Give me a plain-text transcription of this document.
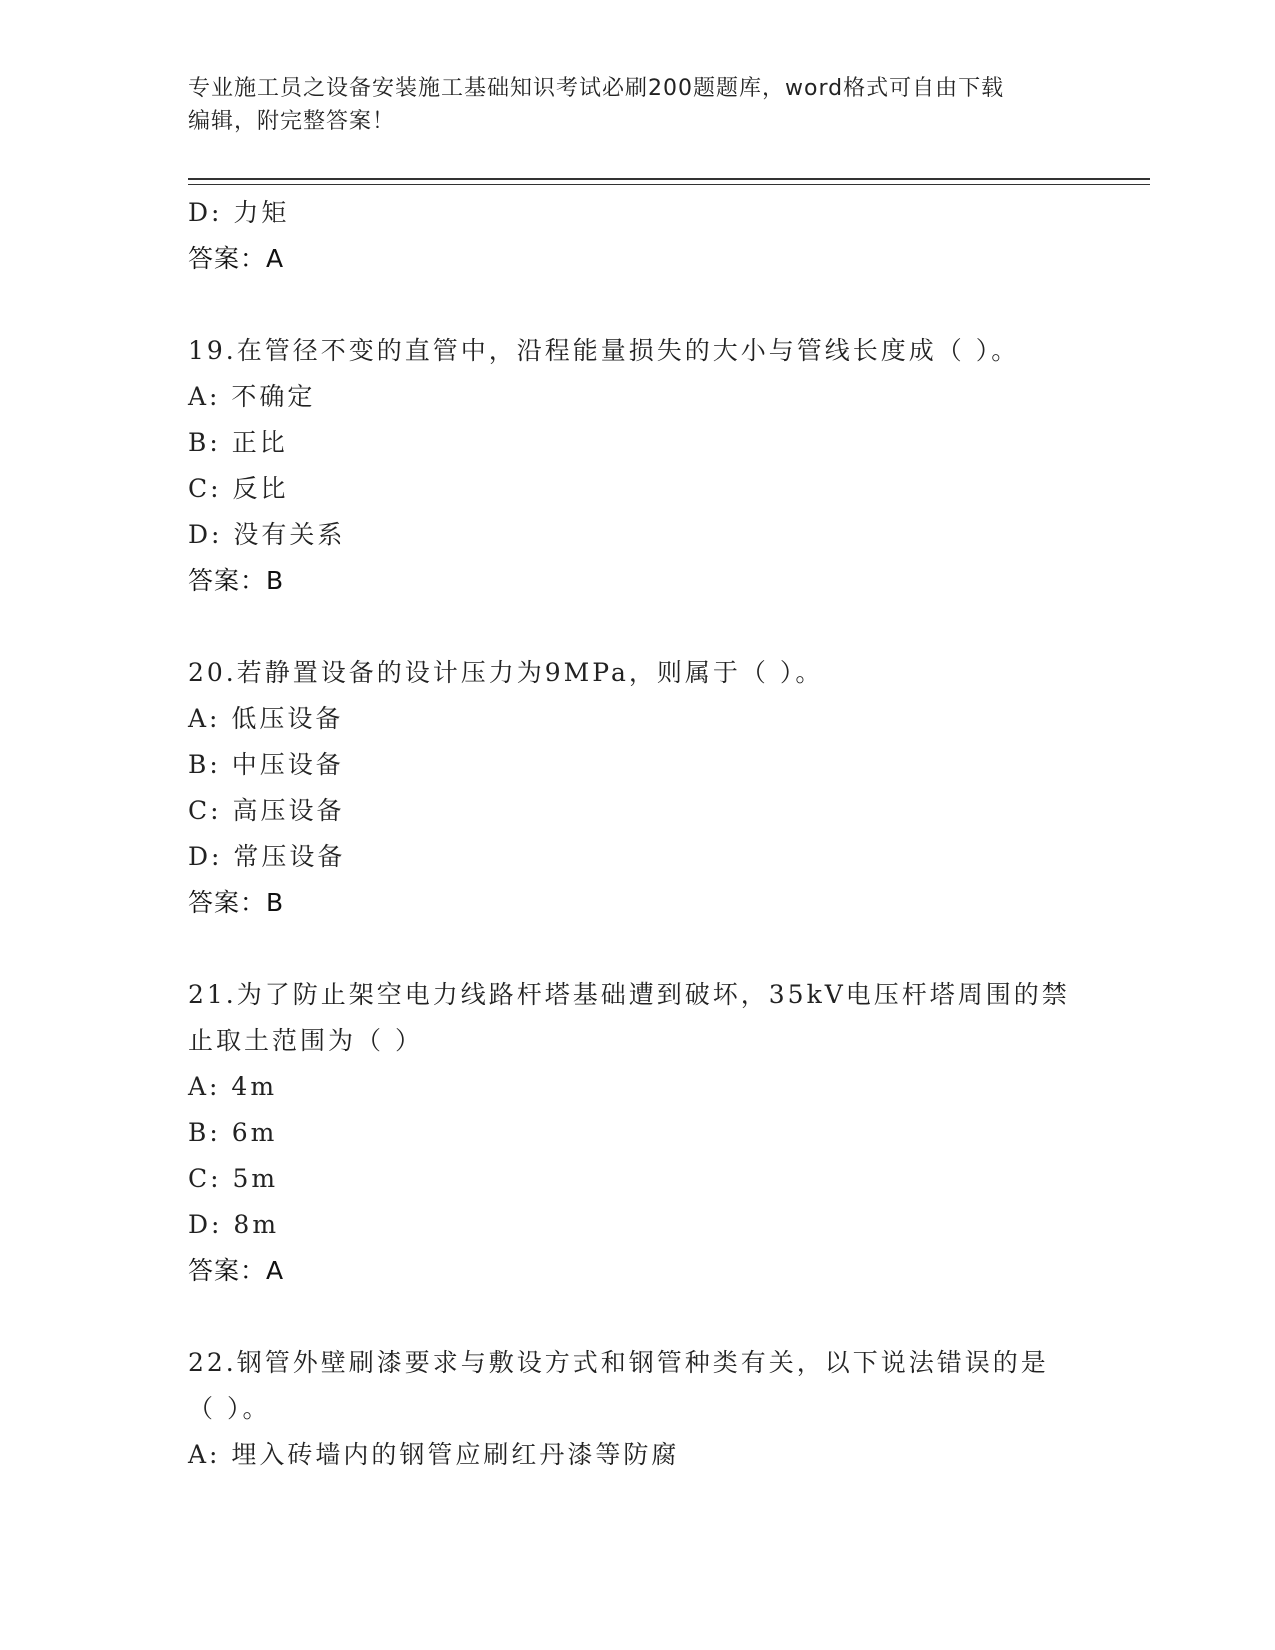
专业施工员之设备安装施工基础知识考试必刷200题题库，word格式可自由下载
编辑，附完整答案！
D: 力矩
答案：A
19.在管径不变的直管中，沿程能量损失的大小与管线长度成（ ）。
A: 不确定
B: 正比
C: 反比
D: 没有关系
答案：B
20.若静置设备的设计压力为9MPa，则属于（ ）。
A: 低压设备
B: 中压设备
C: 高压设备
D: 常压设备
答案：B
21.为了防止架空电力线路杆塔基础遭到破坏，35kV电压杆塔周围的禁
止取土范围为（ ）
A: 4m
B: 6m
C: 5m
D: 8m
答案：A
22.钢管外壁刷漆要求与敷设方式和钢管种类有关，以下说法错误的是
（ ）。
A: 埋入砖墙内的钢管应刷红丹漆等防腐
